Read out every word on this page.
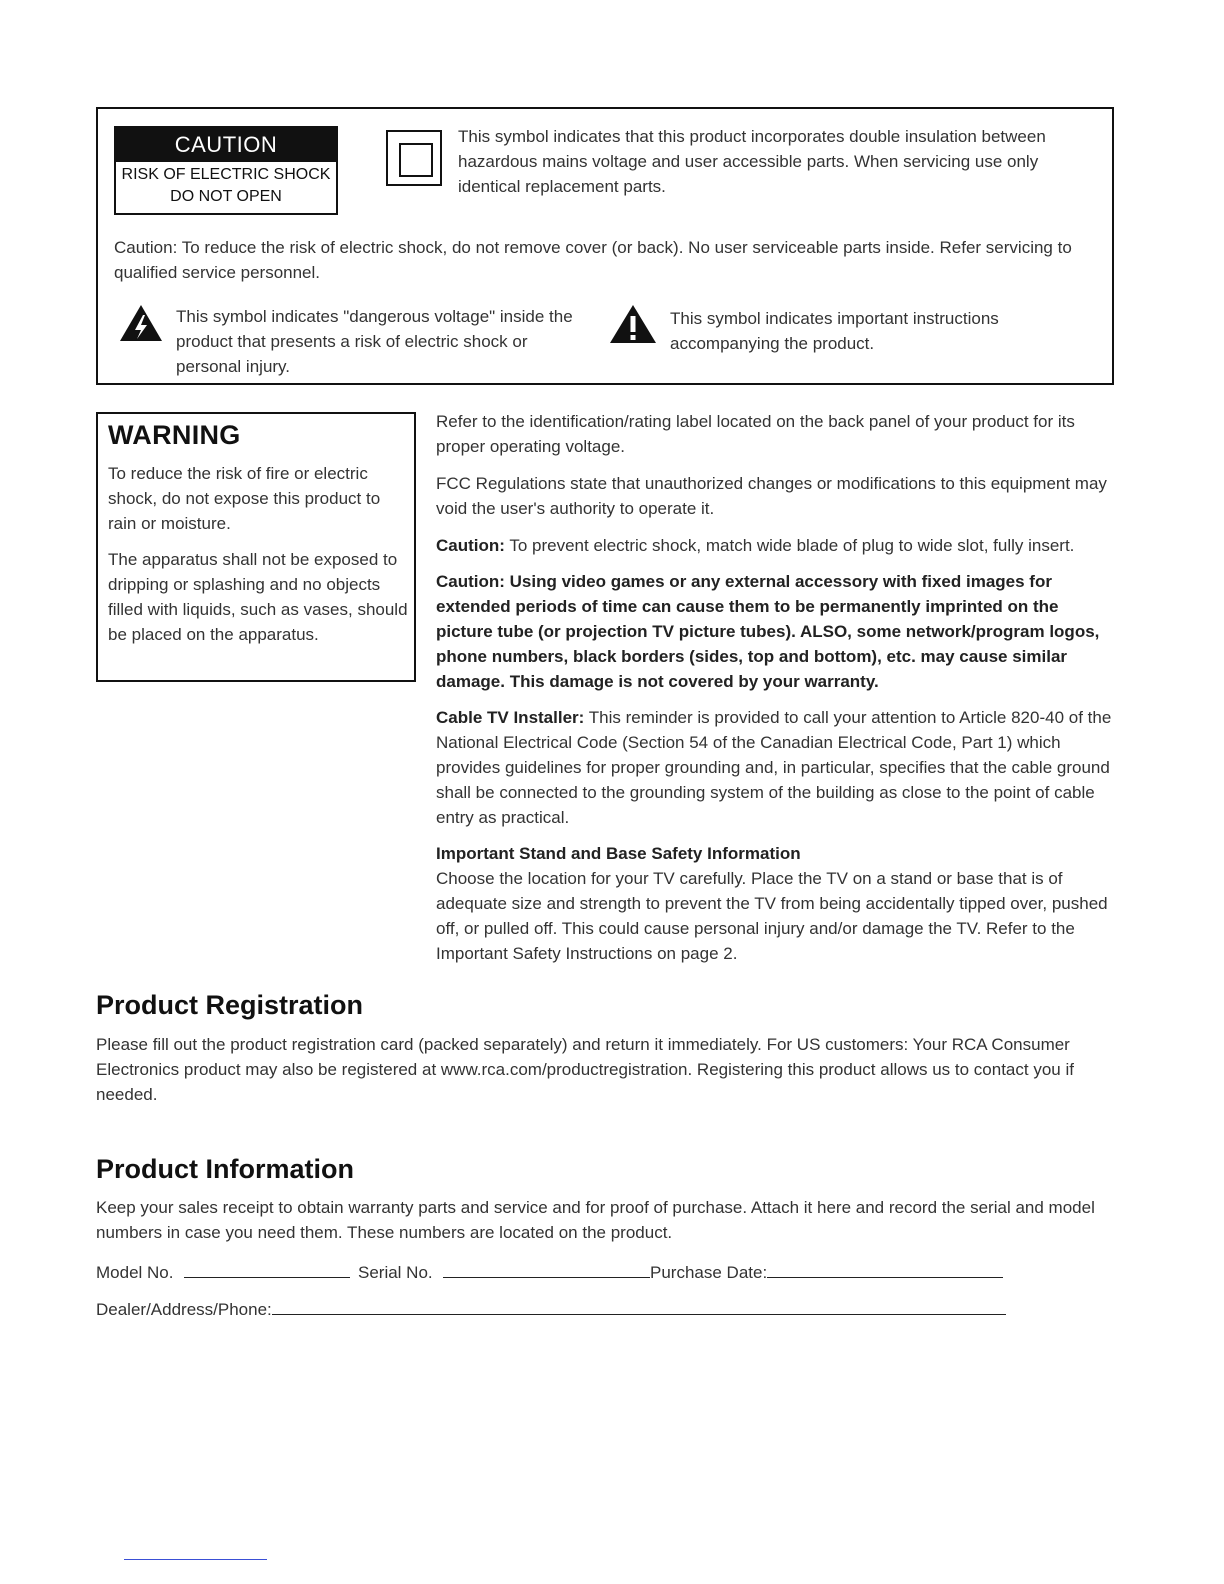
CAUTION
RISK OF ELECTRIC SHOCK
DO NOT OPEN
This symbol indicates that this product incorporates double insulation between hazardous mains voltage and user accessible parts. When servicing use only identical replacement parts.
Caution: To reduce the risk of electric shock, do not remove cover (or back). No user serviceable parts inside. Refer servicing to qualified service personnel.
This symbol indicates "dangerous voltage" inside the product that presents a risk of electric shock or personal injury.
This symbol indicates important instructions accompanying the product.
WARNING

To reduce the risk of fire or electric shock, do not expose this product to rain or moisture.

The apparatus shall not be exposed to dripping or splashing and no objects filled with liquids, such as vases, should be placed on the apparatus.

Refer to the identification/rating label located on the back panel of your product for its proper operating voltage.

FCC Regulations state that unauthorized changes or modifications to this equipment may void the user's authority to operate it.

Caution: To prevent electric shock, match wide blade of plug to wide slot, fully insert.

Caution: Using video games or any external accessory with fixed images for extended periods of time can cause them to be permanently imprinted on the picture tube (or projection TV picture tubes). ALSO, some network/program logos, phone numbers, black borders (sides, top and bottom), etc. may cause similar damage. This damage is not covered by your warranty.

Cable TV Installer: This reminder is provided to call your attention to Article 820-40 of the National Electrical Code (Section 54 of the Canadian Electrical Code, Part 1) which provides guidelines for proper grounding and, in particular, specifies that the cable ground shall be connected to the grounding system of the building as close to the point of cable entry as practical.

Important Stand and Base Safety Information

Choose the location for your TV carefully. Place the TV on a stand or base that is of adequate size and strength to prevent the TV from being accidentally tipped over, pushed off, or pulled off. This could cause personal injury and/or damage the TV. Refer to the Important Safety Instructions on page 2.

Product Registration

Please fill out the product registration card (packed separately) and return it immediately. For US customers: Your RCA Consumer Electronics product may also be registered at www.rca.com/productregistration. Registering this product allows us to contact you if needed.

Product Information

Keep your sales receipt to obtain warranty parts and service and for proof of purchase. Attach it here and record the serial and model numbers in case you need them. These numbers are located on the product.

Model No.	Serial No.	Purchase Date:
Dealer/Address/Phone:
